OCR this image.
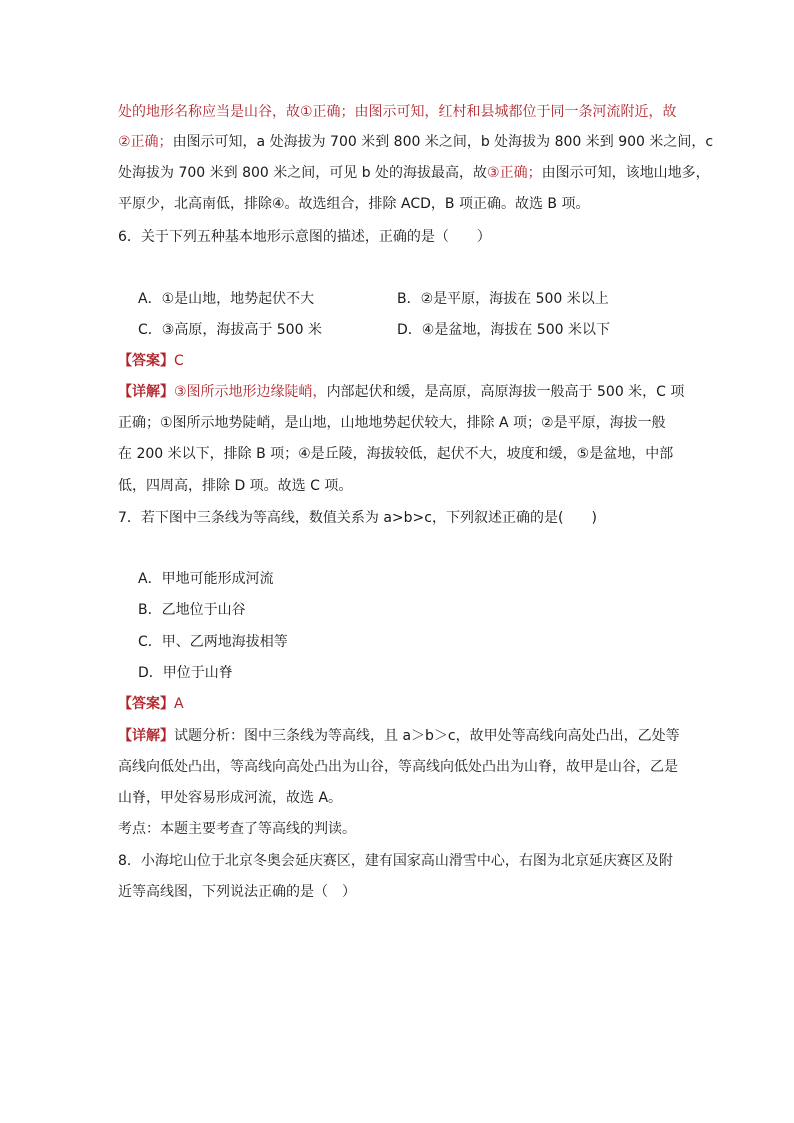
处的地形名称应当是山谷，故①正确；由图示可知，红村和县城都位于同一条河流附近，故
②正确；由图示可知，a 处海拔为 700 米到 800 米之间，b 处海拔为 800 米到 900 米之间，c
处海拔为 700 米到 800 米之间，可见 b 处的海拔最高，故③正确；由图示可知，该地山地多，
平原少，北高南低，排除④。故选组合，排除 ACD，B 项正确。故选 B 项。
6．关于下列五种基本地形示意图的描述，正确的是（　　）
A．①是山地，地势起伏不大	B．②是平原，海拔在 500 米以上
C．③高原，海拔高于 500 米	D．④是盆地，海拔在 500 米以下
【答案】C
【详解】③图所示地形边缘陡峭，内部起伏和缓，是高原，高原海拔一般高于 500 米，C 项
正确；①图所示地势陡峭，是山地，山地地势起伏较大，排除 A 项；②是平原，海拔一般
在 200 米以下，排除 B 项；④是丘陵，海拔较低，起伏不大，坡度和缓，⑤是盆地，中部
低，四周高，排除 D 项。故选 C 项。
7．若下图中三条线为等高线，数值关系为 a>b>c，下列叙述正确的是(　　)
A．甲地可能形成河流
B．乙地位于山谷
C．甲、乙两地海拔相等
D．甲位于山脊
【答案】A
【详解】试题分析：图中三条线为等高线，且 a＞b＞c，故甲处等高线向高处凸出，乙处等
高线向低处凸出，等高线向高处凸出为山谷，等高线向低处凸出为山脊，故甲是山谷，乙是
山脊，甲处容易形成河流，故选 A。
考点：本题主要考查了等高线的判读。
8．小海坨山位于北京冬奥会延庆赛区，建有国家高山滑雪中心，右图为北京延庆赛区及附
近等高线图，下列说法正确的是（　）
